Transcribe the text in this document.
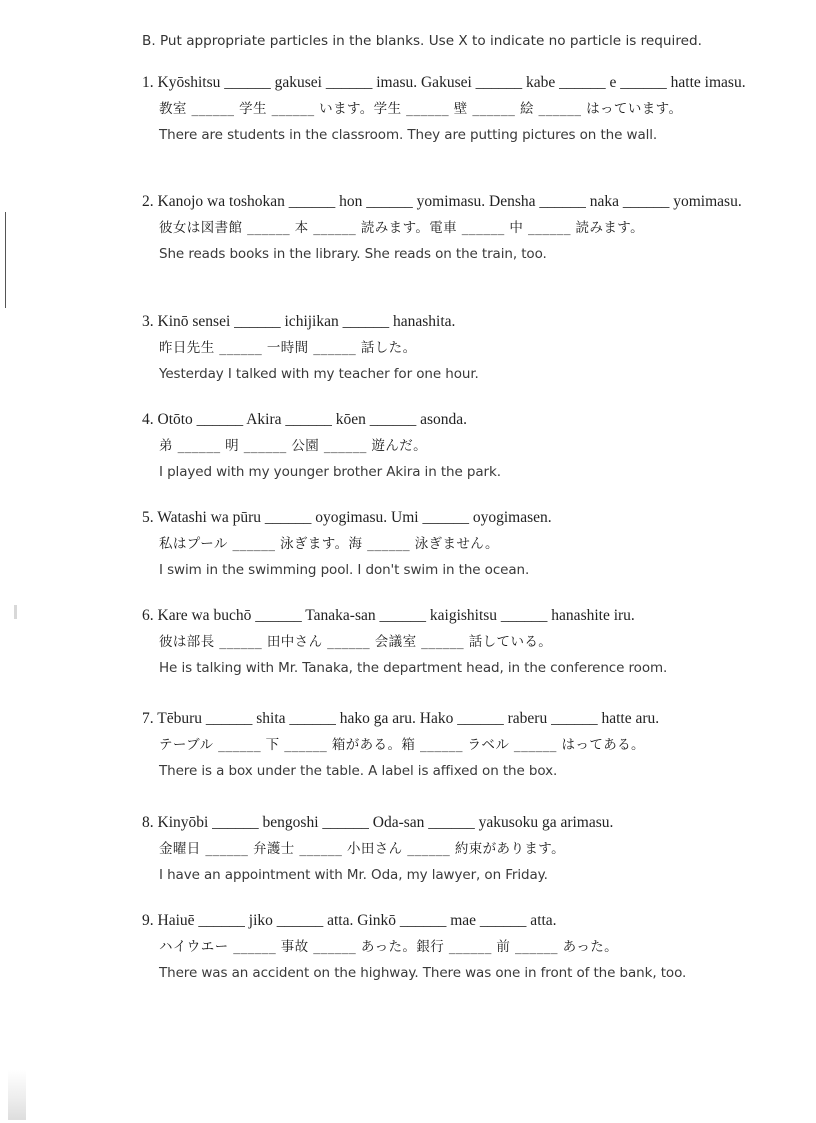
B. Put appropriate particles in the blanks. Use X to indicate no particle is required.
1. Kyōshitsu ______ gakusei ______ imasu. Gakusei ______ kabe ______ e ______ hatte imasu.
教室 ______ 学生 ______ います。学生 ______ 壁 ______ 絵 ______ はっています。
There are students in the classroom. They are putting pictures on the wall.
2. Kanojo wa toshokan ______ hon ______ yomimasu. Densha ______ naka ______ yomimasu.
彼女は図書館 ______ 本 ______ 読みます。電車 ______ 中 ______ 読みます。
She reads books in the library. She reads on the train, too.
3. Kinō sensei ______ ichijikan ______ hanashita.
昨日先生 ______ 一時間 ______ 話した。
Yesterday I talked with my teacher for one hour.
4. Otōto ______ Akira ______ kōen ______ asonda.
弟 ______ 明 ______ 公園 ______ 遊んだ。
I played with my younger brother Akira in the park.
5. Watashi wa pūru ______ oyogimasu. Umi ______ oyogimasen.
私はプール ______ 泳ぎます。海 ______ 泳ぎません。
I swim in the swimming pool. I don't swim in the ocean.
6. Kare wa buchō ______ Tanaka-san ______ kaigishitsu ______ hanashite iru.
彼は部長 ______ 田中さん ______ 会議室 ______ 話している。
He is talking with Mr. Tanaka, the department head, in the conference room.
7. Tēburu ______ shita ______ hako ga aru. Hako ______ raberu ______ hatte aru.
テーブル ______ 下 ______ 箱がある。箱 ______ ラベル ______ はってある。
There is a box under the table. A label is affixed on the box.
8. Kinyōbi ______ bengoshi ______ Oda-san ______ yakusoku ga arimasu.
金曜日 ______ 弁護士 ______ 小田さん ______ 約束があります。
I have an appointment with Mr. Oda, my lawyer, on Friday.
9. Haiuē ______ jiko ______ atta. Ginkō ______ mae ______ atta.
ハイウエー ______ 事故 ______ あった。銀行 ______ 前 ______ あった。
There was an accident on the highway. There was one in front of the bank, too.
